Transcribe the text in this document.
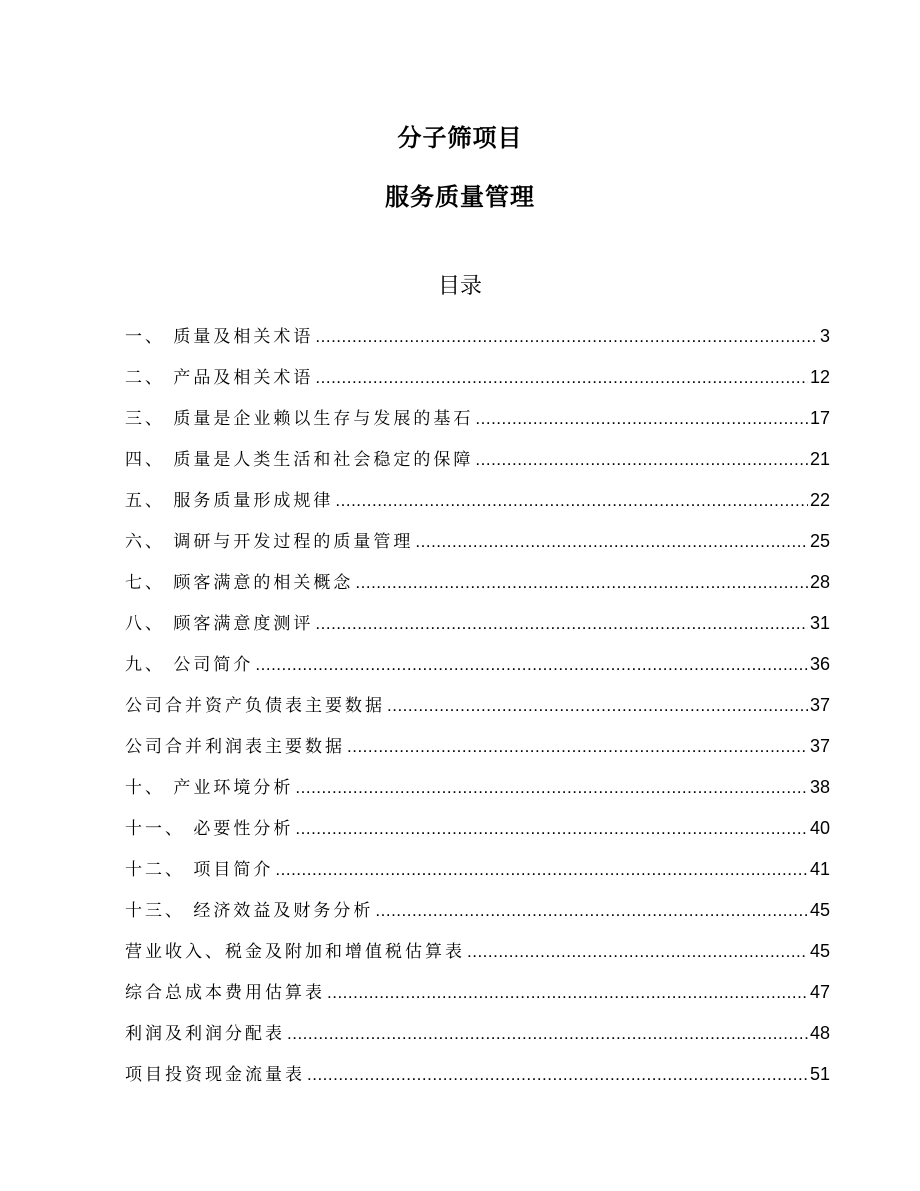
分子筛项目
服务质量管理
目录
一、 质量及相关术语 .....	3
二、 产品及相关术语 .....	12
三、 质量是企业赖以生存与发展的基石 .....	17
四、 质量是人类生活和社会稳定的保障 .....	21
五、 服务质量形成规律 .....	22
六、 调研与开发过程的质量管理 .....	25
七、 顾客满意的相关概念 .....	28
八、 顾客满意度测评 .....	31
九、 公司简介 .....	36
公司合并资产负债表主要数据 .....	37
公司合并利润表主要数据 .....	37
十、 产业环境分析 .....	38
十一、 必要性分析 .....	40
十二、 项目简介 .....	41
十三、 经济效益及财务分析 .....	45
营业收入、税金及附加和增值税估算表 .....	45
综合总成本费用估算表 .....	47
利润及利润分配表 .....	48
项目投资现金流量表 .....	51
